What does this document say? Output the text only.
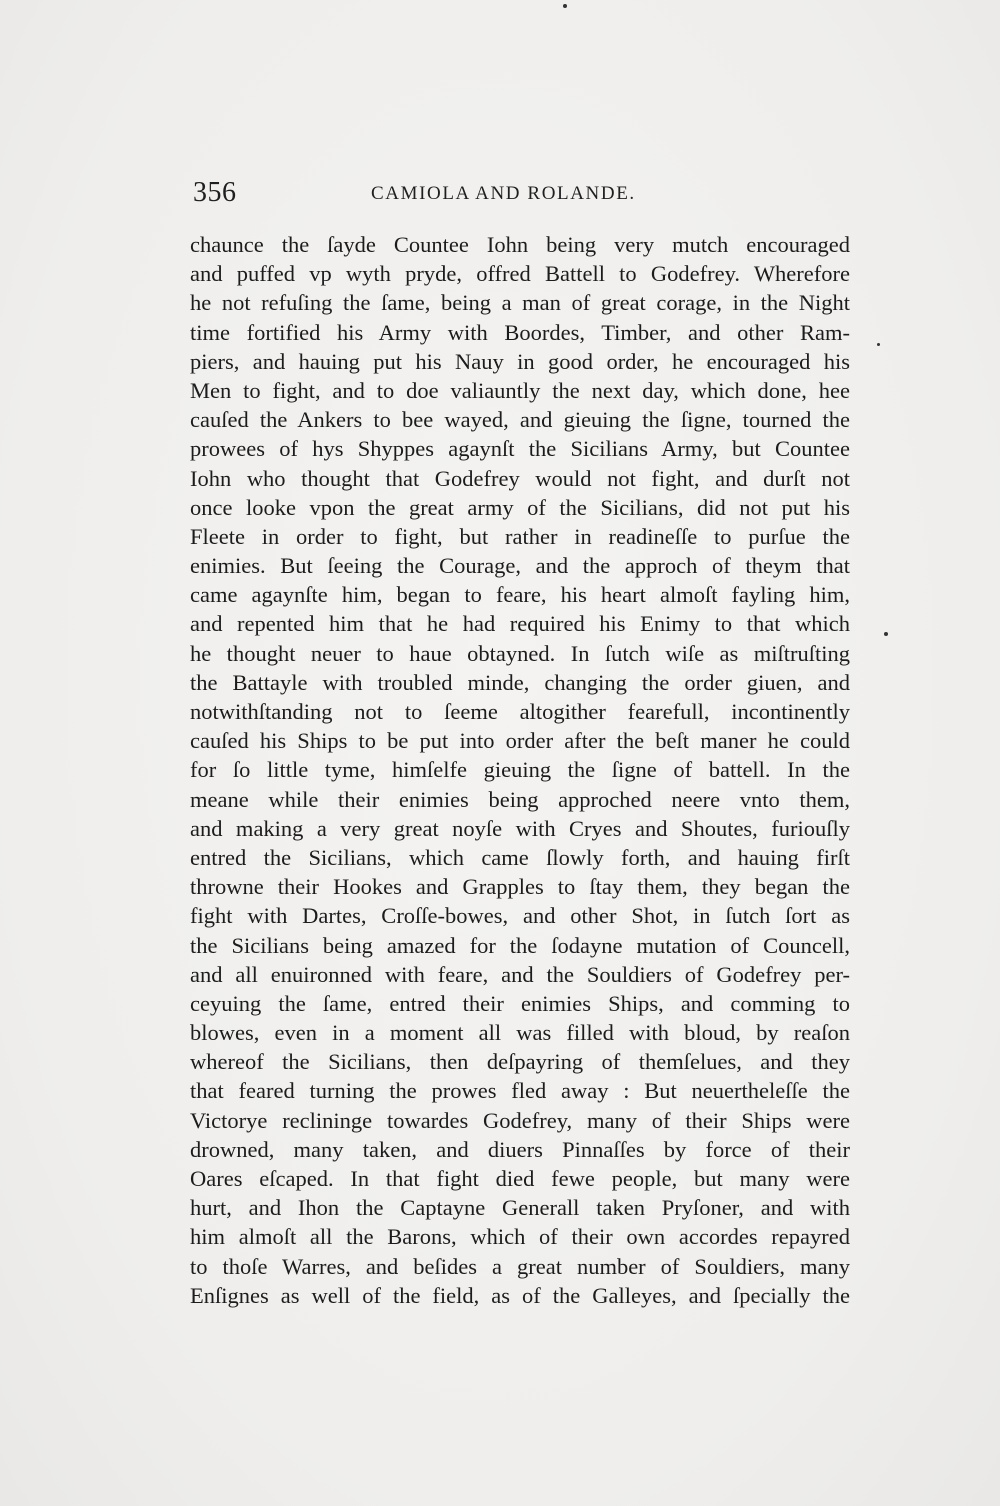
356	CAMIOLA AND ROLANDE.
chaunce the ſayde Countee Iohn being very mutch encouraged
and puffed vp wyth pryde, offred Battell to Godefrey. Wherefore
he not refuſing the ſame, being a man of great corage, in the Night
time fortified his Army with Boordes, Timber, and other Ram-
piers, and hauing put his Nauy in good order, he encouraged his
Men to fight, and to doe valiauntly the next day, which done, hee
cauſed the Ankers to bee wayed, and gieuing the ſigne, tourned the
prowees of hys Shyppes agaynſt the Sicilians Army, but Countee
Iohn who thought that Godefrey would not fight, and durſt not
once looke vpon the great army of the Sicilians, did not put his
Fleete in order to fight, but rather in readineſſe to purſue the
enimies. But ſeeing the Courage, and the approch of theym that
came agaynſte him, began to feare, his heart almoſt fayling him,
and repented him that he had required his Enimy to that which
he thought neuer to haue obtayned. In ſutch wiſe as miſtruſting
the Battayle with troubled minde, changing the order giuen, and
notwithſtanding not to ſeeme altogither fearefull, incontinently
cauſed his Ships to be put into order after the beſt maner he could
for ſo little tyme, himſelfe gieuing the ſigne of battell. In the
meane while their enimies being approched neere vnto them,
and making a very great noyſe with Cryes and Shoutes, furiouſly
entred the Sicilians, which came ſlowly forth, and hauing firſt
throwne their Hookes and Grapples to ſtay them, they began the
fight with Dartes, Croſſe-bowes, and other Shot, in ſutch ſort as
the Sicilians being amazed for the ſodayne mutation of Councell,
and all enuironned with feare, and the Souldiers of Godefrey per-
ceyuing the ſame, entred their enimies Ships, and comming to
blowes, even in a moment all was filled with bloud, by reaſon
whereof the Sicilians, then deſpayring of themſelues, and they
that feared turning the prowes fled away : But neuertheleſſe the
Victorye reclininge towardes Godefrey, many of their Ships were
drowned, many taken, and diuers Pinnaſſes by force of their
Oares eſcaped. In that fight died fewe people, but many were
hurt, and Ihon the Captayne Generall taken Pryſoner, and with
him almoſt all the Barons, which of their own accordes repayred
to thoſe Warres, and beſides a great number of Souldiers, many
Enſignes as well of the field, as of the Galleyes, and ſpecially the
